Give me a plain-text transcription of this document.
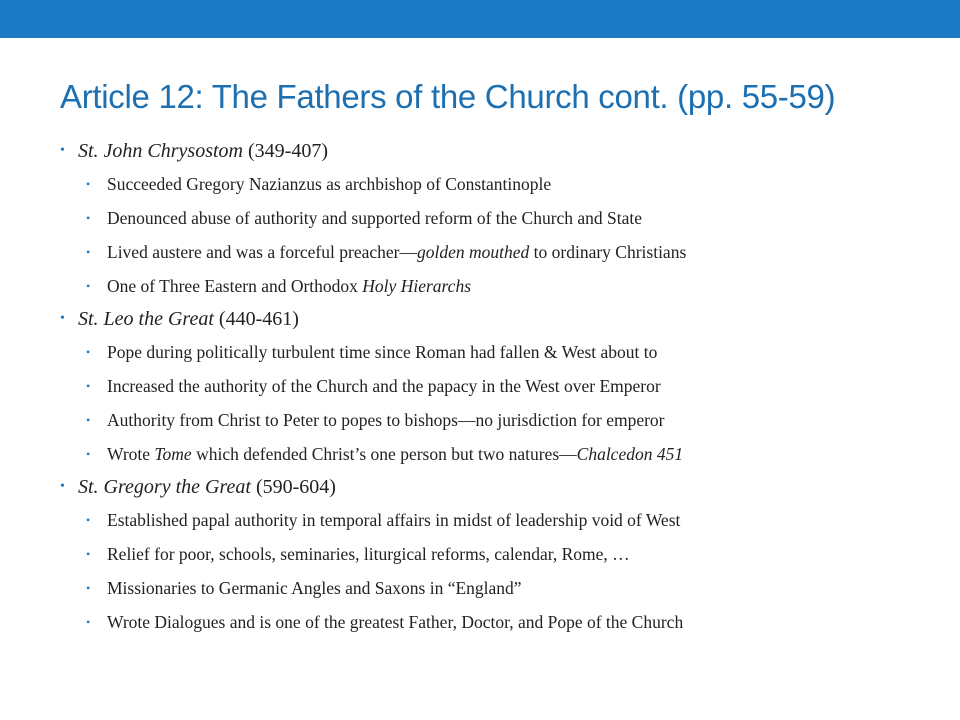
Article 12: The Fathers of the Church cont. (pp. 55-59)
• St. John Chrysostom (349-407)
• Succeeded Gregory Nazianzus as archbishop of Constantinople
• Denounced abuse of authority and supported reform of the Church and State
• Lived austere and was a forceful preacher—golden mouthed to ordinary Christians
• One of Three Eastern and Orthodox Holy Hierarchs
• St. Leo the Great (440-461)
• Pope during politically turbulent time since Roman had fallen & West about to
• Increased the authority of the Church and the papacy in the West over Emperor
• Authority from Christ to Peter to popes to bishops—no jurisdiction for emperor
• Wrote Tome which defended Christ’s one person but two natures—Chalcedon 451
• St. Gregory the Great (590-604)
• Established papal authority in temporal affairs in midst of leadership void of West
• Relief for poor, schools, seminaries, liturgical reforms, calendar, Rome, …
• Missionaries to Germanic Angles and Saxons in “England”
• Wrote Dialogues and is one of the greatest Father, Doctor, and Pope of the Church
